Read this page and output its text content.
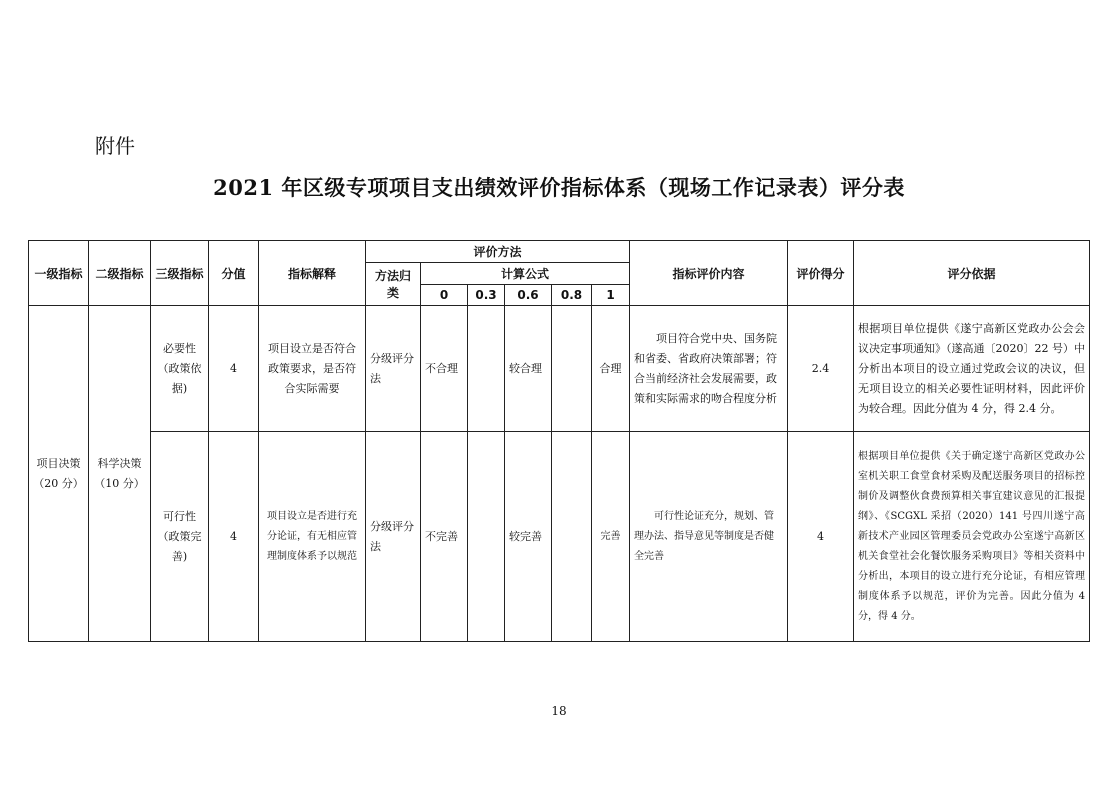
附件
2021 年区级专项项目支出绩效评价指标体系（现场工作记录表）评分表
一级指标	二级指标	三级指标	分值	指标解释	评价方法						指标评价内容	评价得分	评分依据
					方法归类	计算公式							
						0	0.3	0.6	0.8	1			
项目决策（20 分）	科学决策（10 分）	必要性（政策依据)	4	项目设立是否符合政策要求，是否符合实际需要	分级评分法	不合理		较合理		合理	项目符合党中央、国务院和省委、省政府决策部署；符合当前经济社会发展需要，政策和实际需求的吻合程度分析	2.4	根据项目单位提供《遂宁高新区党政办公会会议决定事项通知》（遂高通〔2020〕22 号）中分析出本项目的设立通过党政会议的决议，但无项目设立的相关必要性证明材料，因此评价为较合理。因此分值为 4 分，得 2.4 分。
		可行性（政策完善)	4	项目设立是否进行充分论证，有无相应管理制度体系予以规范	分级评分法	不完善		较完善		完善	可行性论证充分，规划、管理办法、指导意见等制度是否健全完善	4	根据项目单位提供《关于确定遂宁高新区党政办公室机关职工食堂食材采购及配送服务项目的招标控制价及调整伙食费预算相关事宜建议意见的汇报提纲》、《SCGXL 采招（2020）141 号四川遂宁高新技术产业园区管理委员会党政办公室遂宁高新区机关食堂社会化餐饮服务采购项目》等相关资料中分析出，本项目的设立进行充分论证，有相应管理制度体系予以规范，评价为完善。因此分值为 4 分，得 4 分。
18
